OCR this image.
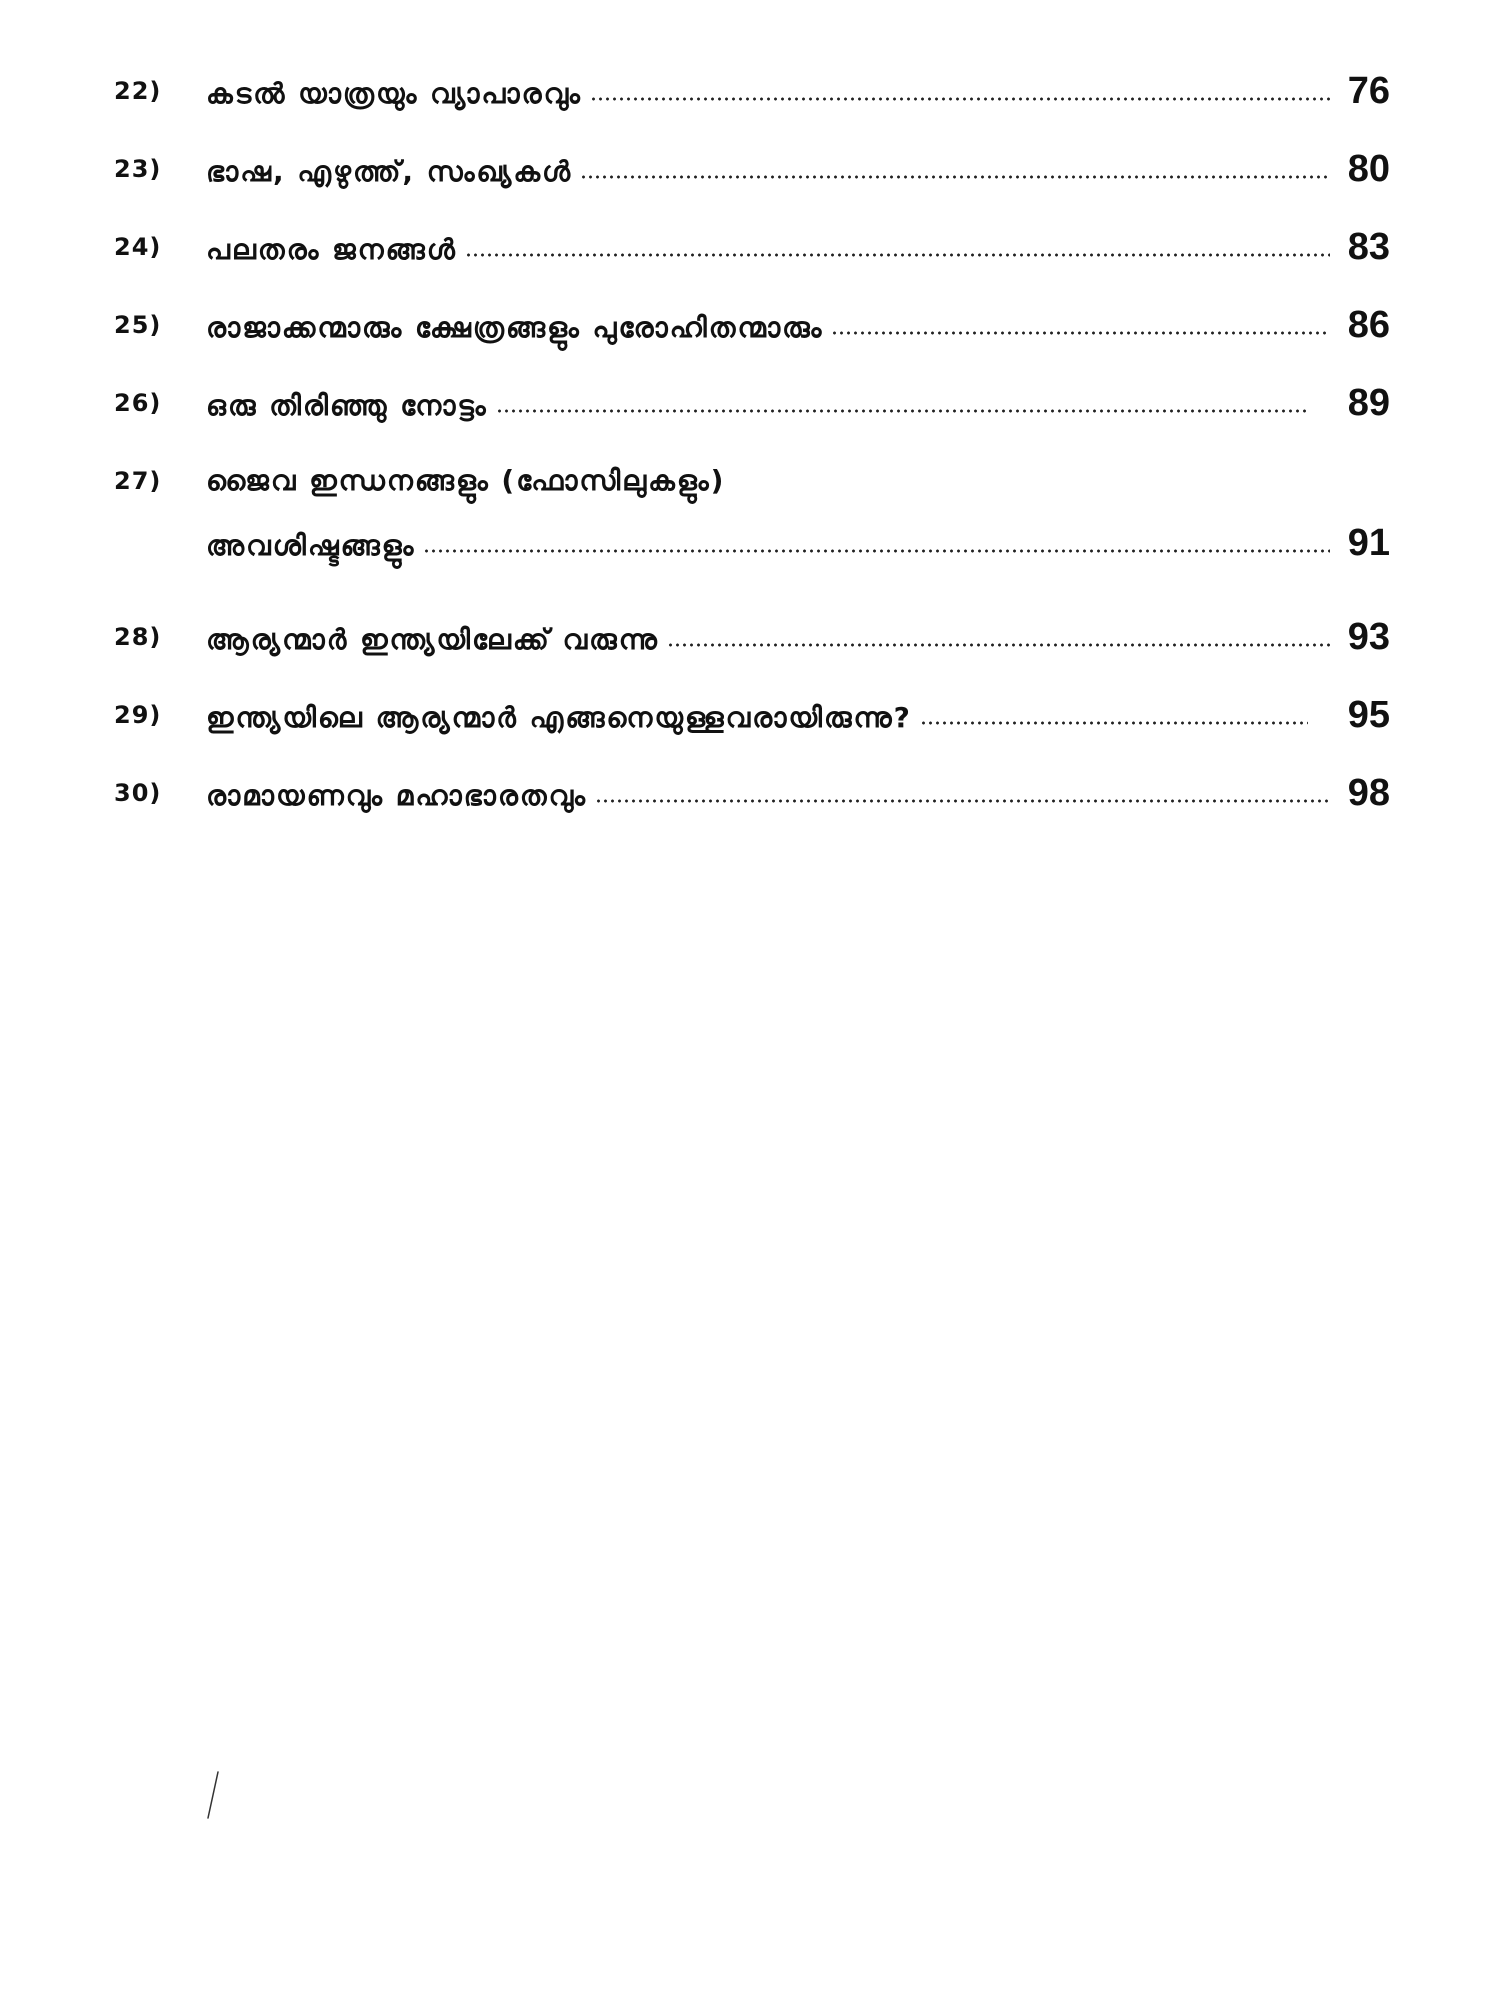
22)	കടൽ യാത്രയും വ്യാപാരവും	76
23)	ഭാഷ, എഴുത്ത്, സംഖ്യകൾ	80
24)	പലതരം ജനങ്ങൾ	83
25)	രാജാക്കന്മാരും ക്ഷേത്രങ്ങളും പുരോഹിതന്മാരും	86
26)	ഒരു തിരിഞ്ഞു നോട്ടം	89
27)	ജൈവ ഇന്ധനങ്ങളും (ഫോസിലുകളും)
അവശിഷ്ടങ്ങളും	91
28)	ആര്യന്മാർ ഇന്ത്യയിലേക്ക് വരുന്നു	93
29)	ഇന്ത്യയിലെ ആര്യന്മാർ എങ്ങനെയുള്ളവരായിരുന്നു?	95
30)	രാമായണവും മഹാഭാരതവും	98
